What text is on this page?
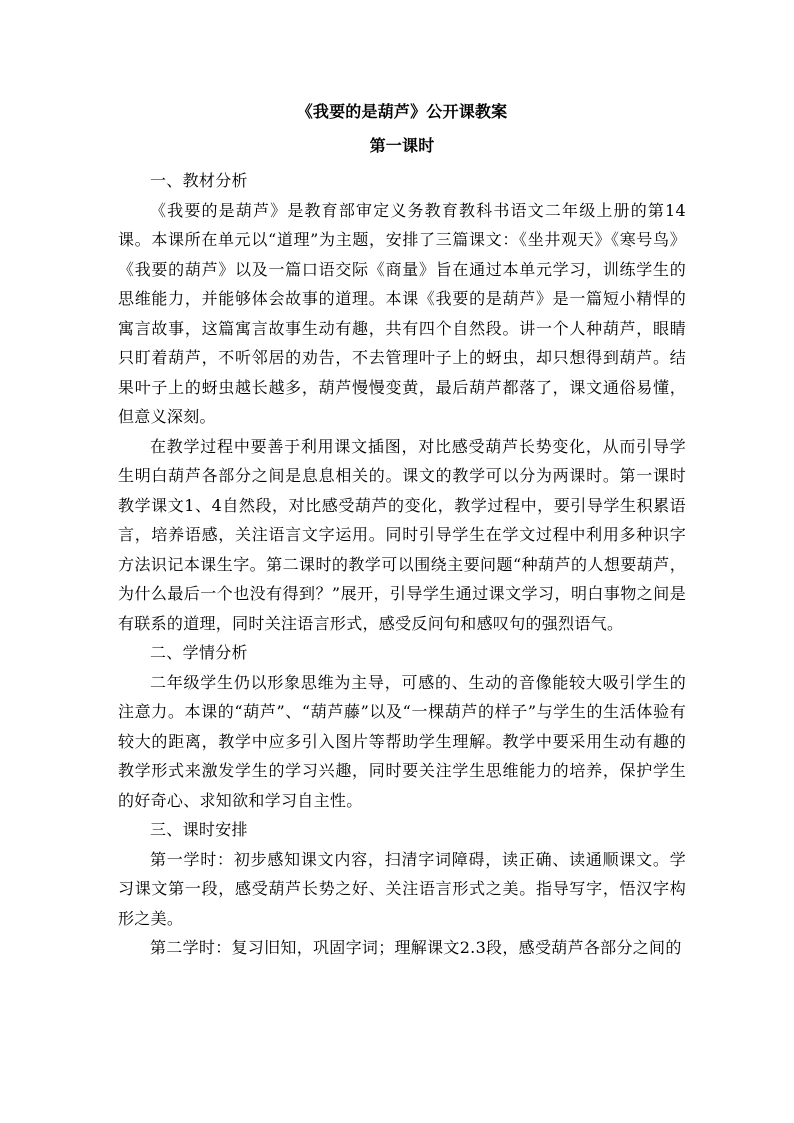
《我要的是葫芦》公开课教案
第一课时

一、教材分析

《我要的是葫芦》是教育部审定义务教育教科书语文二年级上册的第14课。本课所在单元以“道理”为主题，安排了三篇课文：《坐井观天》《寒号鸟》《我要的葫芦》以及一篇口语交际《商量》旨在通过本单元学习，训练学生的思维能力，并能够体会故事的道理。本课《我要的是葫芦》是一篇短小精悍的寓言故事，这篇寓言故事生动有趣，共有四个自然段。讲一个人种葫芦，眼睛只盯着葫芦，不听邻居的劝告，不去管理叶子上的蚜虫，却只想得到葫芦。结果叶子上的蚜虫越长越多，葫芦慢慢变黄，最后葫芦都落了，课文通俗易懂，但意义深刻。

在教学过程中要善于利用课文插图，对比感受葫芦长势变化，从而引导学生明白葫芦各部分之间是息息相关的。课文的教学可以分为两课时。第一课时教学课文1、4自然段，对比感受葫芦的变化，教学过程中，要引导学生积累语言，培养语感，关注语言文字运用。同时引导学生在学文过程中利用多种识字方法识记本课生字。第二课时的教学可以围绕主要问题“种葫芦的人想要葫芦，为什么最后一个也没有得到？”展开，引导学生通过课文学习，明白事物之间是有联系的道理，同时关注语言形式，感受反问句和感叹句的强烈语气。

二、学情分析

二年级学生仍以形象思维为主导，可感的、生动的音像能较大吸引学生的注意力。本课的“葫芦”、“葫芦藤”以及“一棵葫芦的样子”与学生的生活体验有较大的距离，教学中应多引入图片等帮助学生理解。教学中要采用生动有趣的教学形式来激发学生的学习兴趣，同时要关注学生思维能力的培养，保护学生的好奇心、求知欲和学习自主性。

三、课时安排

第一学时：初步感知课文内容，扫清字词障碍，读正确、读通顺课文。学习课文第一段，感受葫芦长势之好、关注语言形式之美。指导写字，悟汉字构形之美。

第二学时：复习旧知，巩固字词；理解课文2.3段，感受葫芦各部分之间的
